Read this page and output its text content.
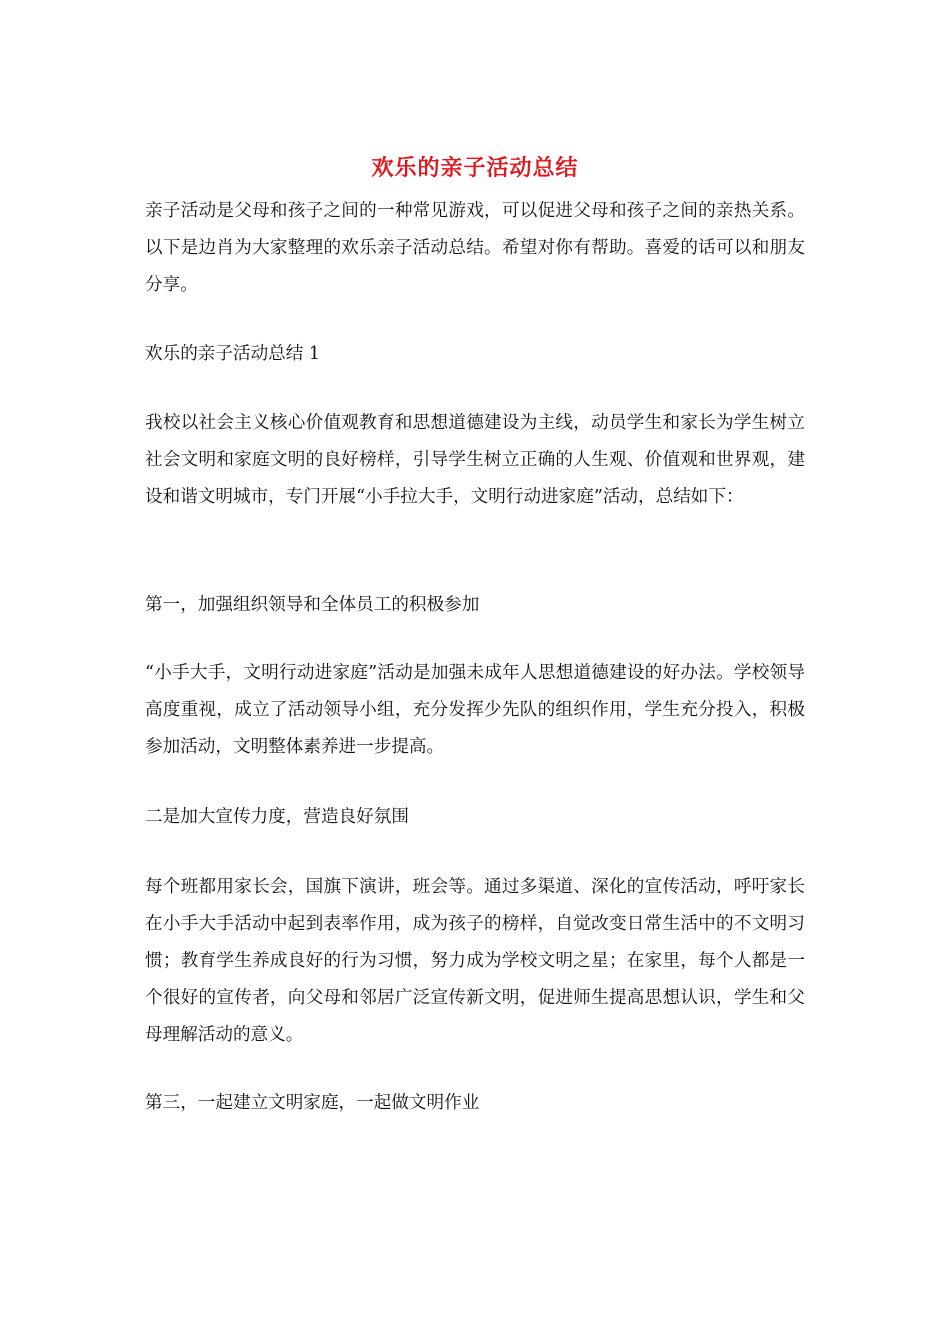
欢乐的亲子活动总结

亲子活动是父母和孩子之间的一种常见游戏，可以促进父母和孩子之间的亲热关系。以下是边肖为大家整理的欢乐亲子活动总结。希望对你有帮助。喜爱的话可以和朋友分享。

欢乐的亲子活动总结 1

我校以社会主义核心价值观教育和思想道德建设为主线，动员学生和家长为学生树立社会文明和家庭文明的良好榜样，引导学生树立正确的人生观、价值观和世界观，建设和谐文明城市，专门开展“小手拉大手，文明行动进家庭”活动，总结如下：

第一，加强组织领导和全体员工的积极参加

“小手大手，文明行动进家庭”活动是加强未成年人思想道德建设的好办法。学校领导高度重视，成立了活动领导小组，充分发挥少先队的组织作用，学生充分投入，积极参加活动，文明整体素养进一步提高。

二是加大宣传力度，营造良好氛围

每个班都用家长会，国旗下演讲，班会等。通过多渠道、深化的宣传活动，呼吁家长在小手大手活动中起到表率作用，成为孩子的榜样，自觉改变日常生活中的不文明习惯；教育学生养成良好的行为习惯，努力成为学校文明之星；在家里，每个人都是一个很好的宣传者，向父母和邻居广泛宣传新文明，促进师生提高思想认识，学生和父母理解活动的意义。

第三，一起建立文明家庭，一起做文明作业
